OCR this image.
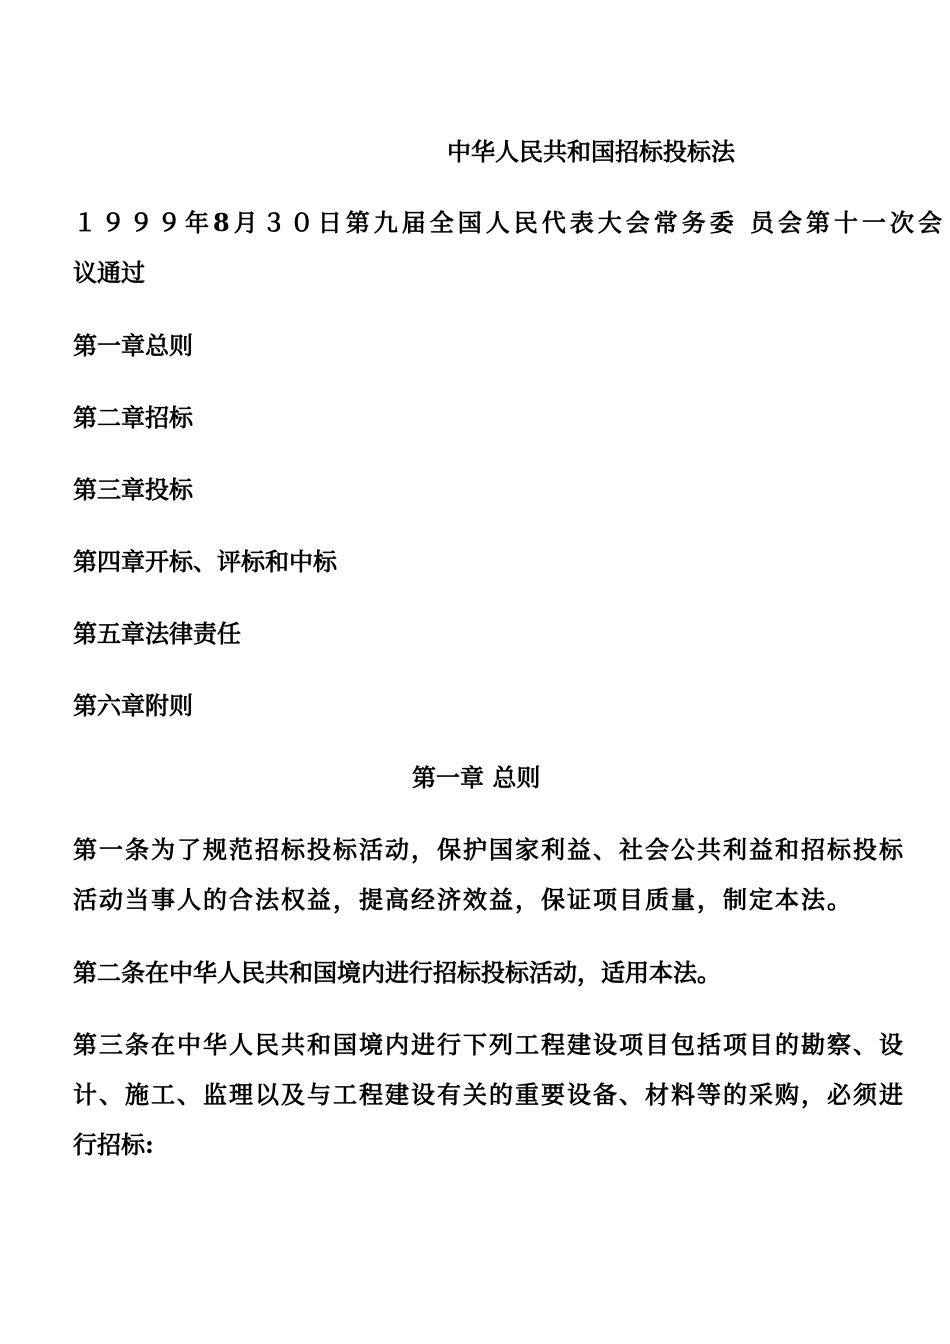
中华人民共和国招标投标法
１９９９年8月３０日第九届全国人民代表大会常务委 员会第十一次会
议通过
第一章总则
第二章招标
第三章投标
第四章开标、评标和中标
第五章法律责任
第六章附则
第一章 总则
第一条为了规范招标投标活动，保护国家利益、社会公共利益和招标投标
活动当事人的合法权益，提高经济效益，保证项目质量，制定本法。
第二条在中华人民共和国境内进行招标投标活动，适用本法。
第三条在中华人民共和国境内进行下列工程建设项目包括项目的勘察、设
计、施工、监理以及与工程建设有关的重要设备、材料等的采购，必须进
行招标:
